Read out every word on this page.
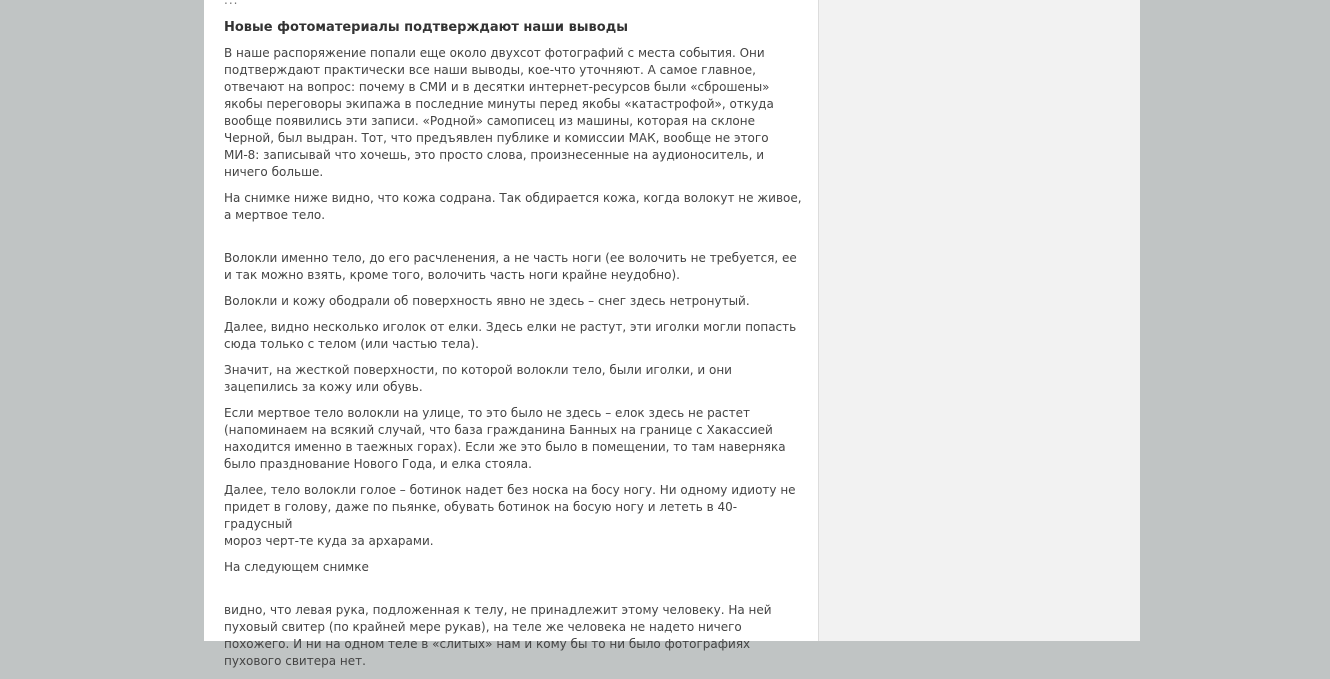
...
Новые фотоматериалы подтверждают наши выводы

В наше распоряжение попали еще около двухсот фотографий с места события. Они
подтверждают практически все наши выводы, кое-что уточняют. А самое главное,
отвечают на вопрос: почему в СМИ и в десятки интернет-ресурсов были «сброшены»
якобы переговоры экипажа в последние минуты перед якобы «катастрофой», откуда
вообще появились эти записи. «Родной» самописец из машины, которая на склоне
Черной, был выдран. Тот, что предъявлен публике и комиссии МАК, вообще не этого
МИ-8: записывай что хочешь, это просто слова, произнесенные на аудионоситель, и
ничего больше.

На снимке ниже видно, что кожа содрана. Так обдирается кожа, когда волокут не живое,
а мертвое тело.

Волокли именно тело, до его расчленения, а не часть ноги (ее волочить не требуется, ее
и так можно взять, кроме того, волочить часть ноги крайне неудобно).

Волокли и кожу ободрали об поверхность явно не здесь – снег здесь нетронутый.

Далее, видно несколько иголок от елки. Здесь елки не растут, эти иголки могли попасть
сюда только с телом (или частью тела).

Значит, на жесткой поверхности, по которой волокли тело, были иголки, и они
зацепились за кожу или обувь.

Если мертвое тело волокли на улице, то это было не здесь – елок здесь не растет
(напоминаем на всякий случай, что база гражданина Банных на границе с Хакассией
находится именно в таежных горах). Если же это было в помещении, то там наверняка
было празднование Нового Года, и елка стояла.

Далее, тело волокли голое – ботинок надет без носка на босу ногу. Ни одному идиоту не
придет в голову, даже по пьянке, обувать ботинок на босую ногу и лететь в 40-градусный
мороз черт-те куда за архарами.

На следующем снимке

видно, что левая рука, подложенная к телу, не принадлежит этому человеку. На ней
пуховый свитер (по крайней мере рукав), на теле же человека не надето ничего
похожего. И ни на одном теле в «слитых» нам и кому бы то ни было фотографиях
пухового свитера нет.
